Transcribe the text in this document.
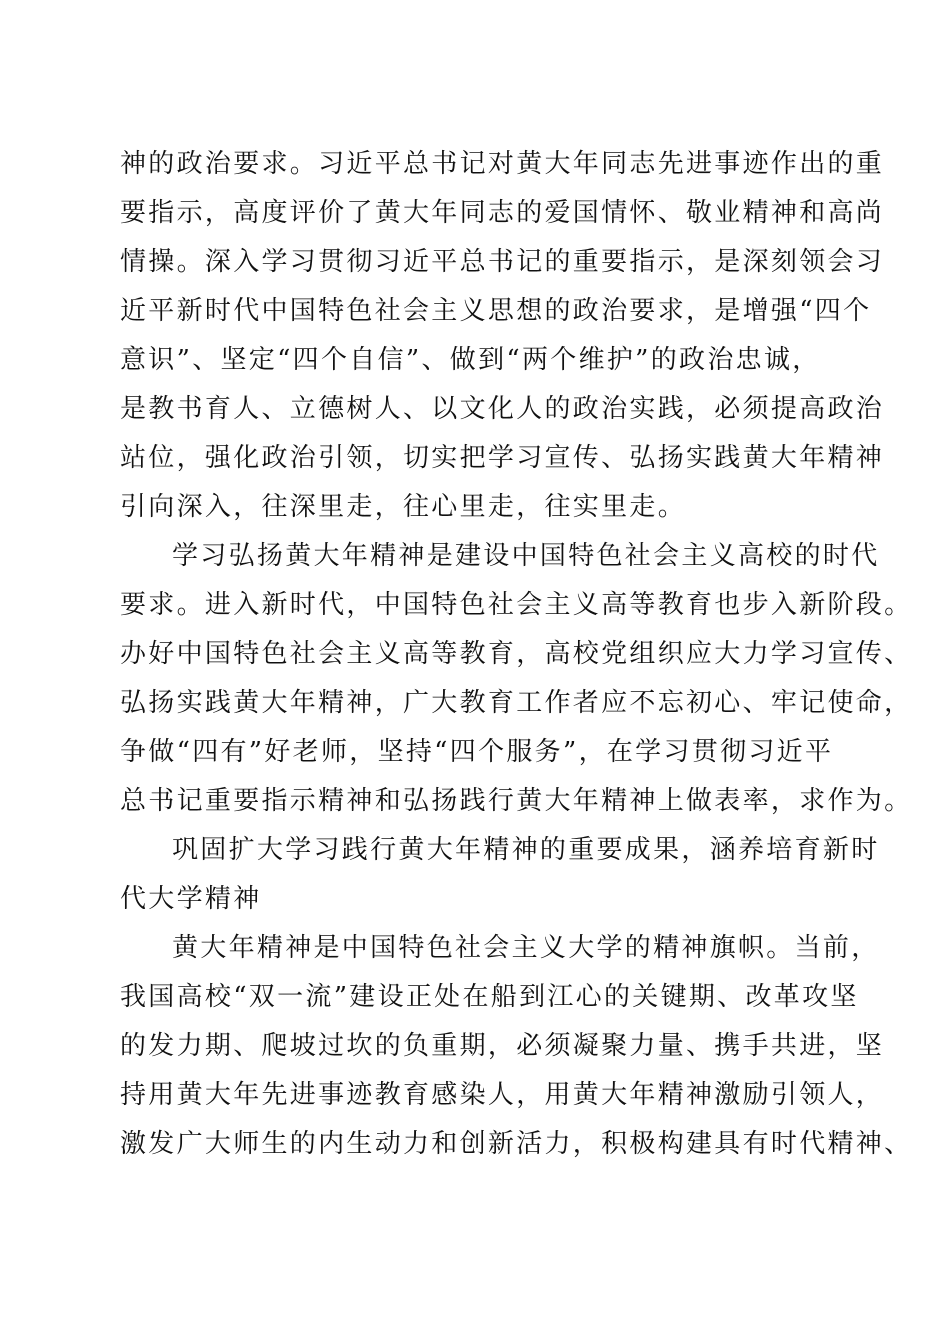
神的政治要求。习近平总书记对黄大年同志先进事迹作出的重
要指示，高度评价了黄大年同志的爱国情怀、敬业精神和高尚
情操。深入学习贯彻习近平总书记的重要指示，是深刻领会习
近平新时代中国特色社会主义思想的政治要求，是增强“四个
意识”、坚定“四个自信”、做到“两个维护”的政治忠诚，
是教书育人、立德树人、以文化人的政治实践，必须提高政治
站位，强化政治引领，切实把学习宣传、弘扬实践黄大年精神
引向深入，往深里走，往心里走，往实里走。
学习弘扬黄大年精神是建设中国特色社会主义高校的时代
要求。进入新时代，中国特色社会主义高等教育也步入新阶段。
办好中国特色社会主义高等教育，高校党组织应大力学习宣传、
弘扬实践黄大年精神，广大教育工作者应不忘初心、牢记使命，
争做“四有”好老师，坚持“四个服务”，在学习贯彻习近平
总书记重要指示精神和弘扬践行黄大年精神上做表率，求作为。
巩固扩大学习践行黄大年精神的重要成果，涵养培育新时
代大学精神
黄大年精神是中国特色社会主义大学的精神旗帜。当前，
我国高校“双一流”建设正处在船到江心的关键期、改革攻坚
的发力期、爬坡过坎的负重期，必须凝聚力量、携手共进，坚
持用黄大年先进事迹教育感染人，用黄大年精神激励引领人，
激发广大师生的内生动力和创新活力，积极构建具有时代精神、
